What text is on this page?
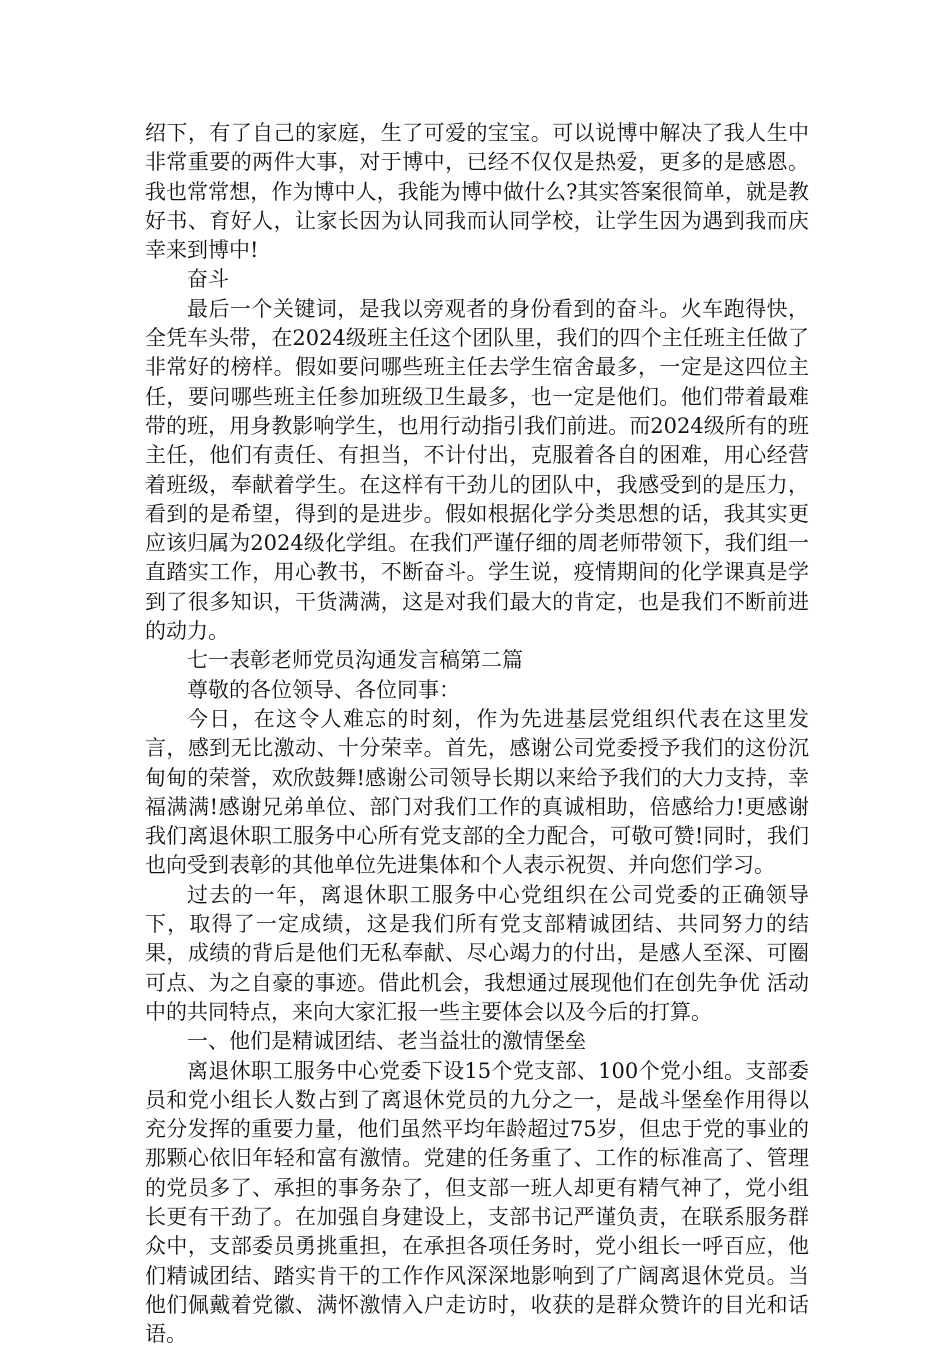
绍下，有了自己的家庭，生了可爱的宝宝。可以说博中解决了我人生中非常重要的两件大事，对于博中，已经不仅仅是热爱，更多的是感恩。我也常常想，作为博中人，我能为博中做什么?其实答案很简单，就是教好书、育好人，让家长因为认同我而认同学校，让学生因为遇到我而庆幸来到博中!

奋斗

最后一个关键词，是我以旁观者的身份看到的奋斗。火车跑得快，全凭车头带，在2024级班主任这个团队里，我们的四个主任班主任做了非常好的榜样。假如要问哪些班主任去学生宿舍最多，一定是这四位主任，要问哪些班主任参加班级卫生最多，也一定是他们。他们带着最难带的班，用身教影响学生，也用行动指引我们前进。而2024级所有的班主任，他们有责任、有担当，不计付出，克服着各自的困难，用心经营着班级，奉献着学生。在这样有干劲儿的团队中，我感受到的是压力，看到的是希望，得到的是进步。假如根据化学分类思想的话，我其实更应该归属为2024级化学组。在我们严谨仔细的周老师带领下，我们组一直踏实工作，用心教书，不断奋斗。学生说，疫情期间的化学课真是学到了很多知识，干货满满，这是对我们最大的肯定，也是我们不断前进的动力。

七一表彰老师党员沟通发言稿第二篇

尊敬的各位领导、各位同事：

今日，在这令人难忘的时刻，作为先进基层党组织代表在这里发言，感到无比激动、十分荣幸。首先，感谢公司党委授予我们的这份沉甸甸的荣誉，欢欣鼓舞!感谢公司领导长期以来给予我们的大力支持，幸福满满!感谢兄弟单位、部门对我们工作的真诚相助，倍感给力!更感谢我们离退休职工服务中心所有党支部的全力配合，可敬可赞!同时，我们也向受到表彰的其他单位先进集体和个人表示祝贺、并向您们学习。

过去的一年，离退休职工服务中心党组织在公司党委的正确领导下，取得了一定成绩，这是我们所有党支部精诚团结、共同努力的结果，成绩的背后是他们无私奉献、尽心竭力的付出，是感人至深、可圈可点、为之自豪的事迹。借此机会，我想通过展现他们在创先争优 活动中的共同特点，来向大家汇报一些主要体会以及今后的打算。

一、他们是精诚团结、老当益壮的激情堡垒

离退休职工服务中心党委下设15个党支部、100个党小组。支部委员和党小组长人数占到了离退休党员的九分之一，是战斗堡垒作用得以充分发挥的重要力量，他们虽然平均年龄超过75岁，但忠于党的事业的那颗心依旧年轻和富有激情。党建的任务重了、工作的标准高了、管理的党员多了、承担的事务杂了，但支部一班人却更有精气神了，党小组长更有干劲了。在加强自身建设上，支部书记严谨负责，在联系服务群众中，支部委员勇挑重担，在承担各项任务时，党小组长一呼百应，他们精诚团结、踏实肯干的工作作风深深地影响到了广阔离退休党员。当他们佩戴着党徽、满怀激情入户走访时，收获的是群众赞许的目光和话语。
